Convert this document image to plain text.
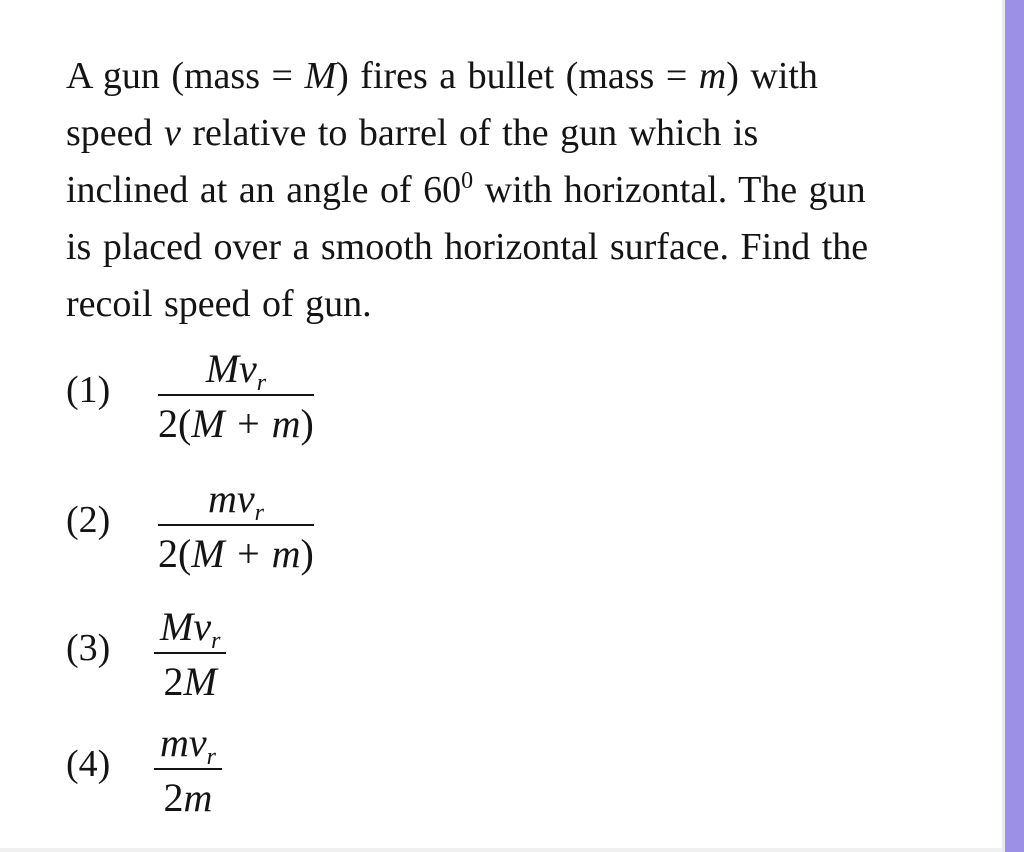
A gun (mass = M) fires a bullet (mass = m) with
speed v relative to barrel of the gun which is
inclined at an angle of $60^0$ with horizontal. The gun
is placed over a smooth horizontal surface. Find the
recoil speed of gun.
(1)	$Mv_r$
2(M + m)
(2)	$mv_r$
2(M + m)
(3) $Mv_r$
2M
(4) $mv_r$
2m
